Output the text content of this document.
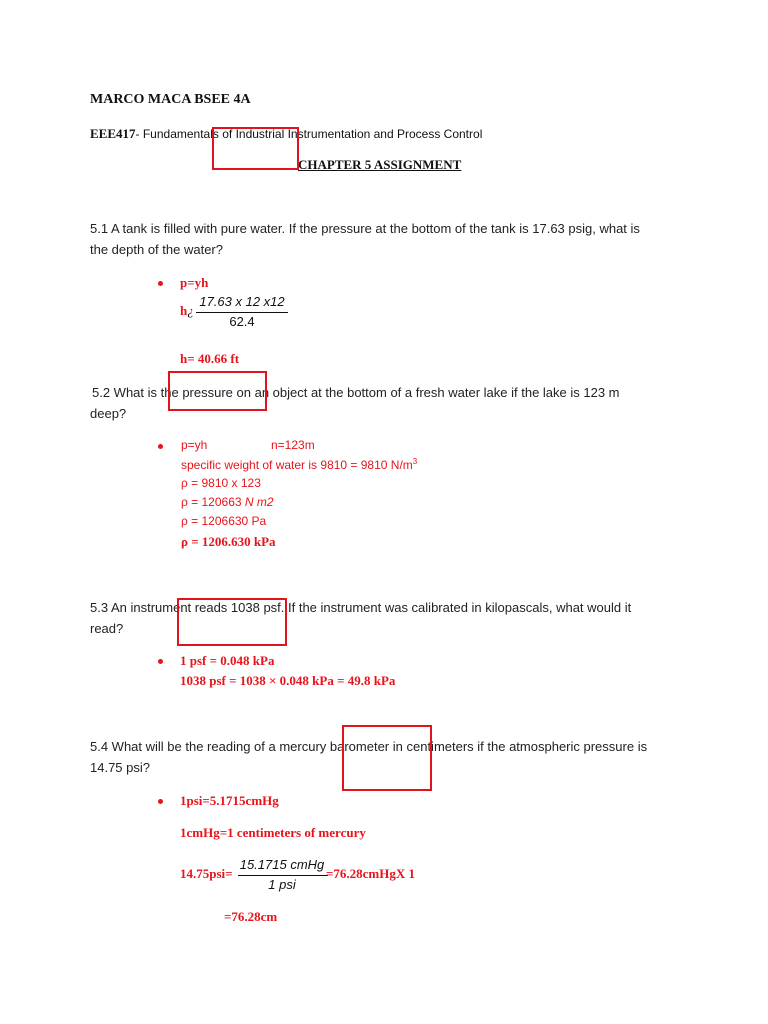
MARCO MACA BSEE 4A
EEE417- Fundamentals of Industrial Instrumentation and Process Control
CHAPTER 5 ASSIGNMENT
5.1 A tank is filled with pure water. If the pressure at the bottom of the tank is 17.63 psig, what is
the depth of the water?
p=yh
h¿
17.63 x 12 x12
62.4
h= 40.66 ft
5.2 What is the pressure on an object at the bottom of a fresh water lake if the lake is 123 m
deep?
p=yh	n=123m
specific weight of water is 9810 = 9810 $N/m^3$
ρ = 9810 x 123
ρ = 120663 N m2
ρ = 1206630 Pa
ρ = 1206.630 kPa
5.3 An instrument reads 1038 psf. If the instrument was calibrated in kilopascals, what would it
read?
1 psf = 0.048 kPa
1038 psf = 1038 × 0.048 kPa = 49.8 kPa
5.4 What will be the reading of a mercury barometer in centimeters if the atmospheric pressure is
14.75 psi?
1psi=5.1715cmHg
1cmHg=1 centimeters of mercury
14.75psi=
15.1715 cmHg
1 psi
=76.28cmHgX 1
=76.28cm
